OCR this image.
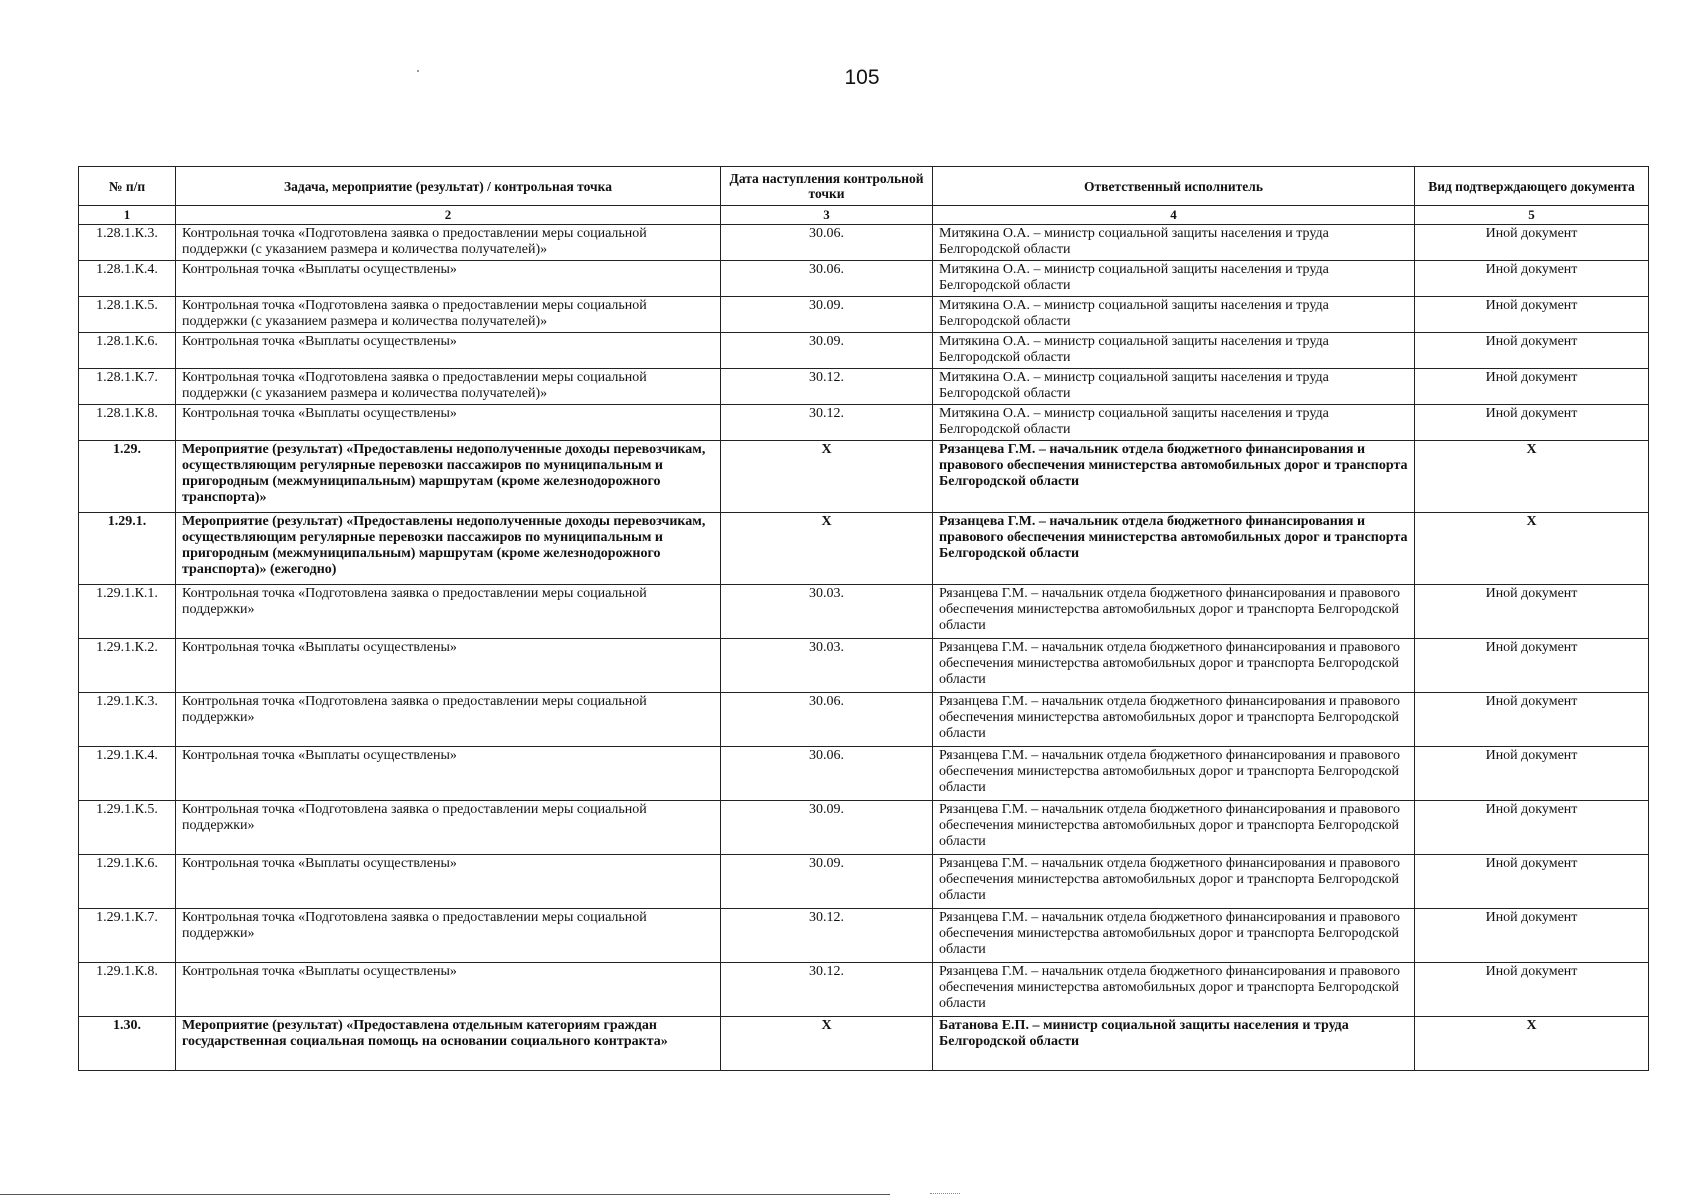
105
№ п/п	Задача, мероприятие (результат) / контрольная точка	Дата наступления контрольной точки	Ответственный исполнитель	Вид подтверждающего документа
1	2	3	4	5
1.28.1.К.3.	Контрольная точка «Подготовлена заявка о предоставлении меры социальной поддержки (с указанием размера и количества получателей)»	30.06.	Митякина О.А. – министр социальной защиты населения и труда Белгородской области	Иной документ
1.28.1.К.4.	Контрольная точка «Выплаты осуществлены»	30.06.	Митякина О.А. – министр социальной защиты населения и труда Белгородской области	Иной документ
1.28.1.К.5.	Контрольная точка «Подготовлена заявка о предоставлении меры социальной поддержки (с указанием размера и количества получателей)»	30.09.	Митякина О.А. – министр социальной защиты населения и труда Белгородской области	Иной документ
1.28.1.К.6.	Контрольная точка «Выплаты осуществлены»	30.09.	Митякина О.А. – министр социальной защиты населения и труда Белгородской области	Иной документ
1.28.1.К.7.	Контрольная точка «Подготовлена заявка о предоставлении меры социальной поддержки (с указанием размера и количества получателей)»	30.12.	Митякина О.А. – министр социальной защиты населения и труда Белгородской области	Иной документ
1.28.1.К.8.	Контрольная точка «Выплаты осуществлены»	30.12.	Митякина О.А. – министр социальной защиты населения и труда Белгородской области	Иной документ
1.29.	Мероприятие (результат) «Предоставлены недополученные доходы перевозчикам, осуществляющим регулярные перевозки пассажиров по муниципальным и пригородным (межмуниципальным) маршрутам (кроме железнодорожного транспорта)»	Х	Рязанцева Г.М. – начальник отдела бюджетного финансирования и правового обеспечения министерства автомобильных дорог и транспорта Белгородской области	Х
1.29.1.	Мероприятие (результат) «Предоставлены недополученные доходы перевозчикам, осуществляющим регулярные перевозки пассажиров по муниципальным и пригородным (межмуниципальным) маршрутам (кроме железнодорожного транспорта)» (ежегодно)	Х	Рязанцева Г.М. – начальник отдела бюджетного финансирования и правового обеспечения министерства автомобильных дорог и транспорта Белгородской области	Х
1.29.1.К.1.	Контрольная точка «Подготовлена заявка о предоставлении меры социальной поддержки»	30.03.	Рязанцева Г.М. – начальник отдела бюджетного финансирования и правового обеспечения министерства автомобильных дорог и транспорта Белгородской области	Иной документ
1.29.1.К.2.	Контрольная точка «Выплаты осуществлены»	30.03.	Рязанцева Г.М. – начальник отдела бюджетного финансирования и правового обеспечения министерства автомобильных дорог и транспорта Белгородской области	Иной документ
1.29.1.К.3.	Контрольная точка «Подготовлена заявка о предоставлении меры социальной поддержки»	30.06.	Рязанцева Г.М. – начальник отдела бюджетного финансирования и правового обеспечения министерства автомобильных дорог и транспорта Белгородской области	Иной документ
1.29.1.К.4.	Контрольная точка «Выплаты осуществлены»	30.06.	Рязанцева Г.М. – начальник отдела бюджетного финансирования и правового обеспечения министерства автомобильных дорог и транспорта Белгородской области	Иной документ
1.29.1.К.5.	Контрольная точка «Подготовлена заявка о предоставлении меры социальной поддержки»	30.09.	Рязанцева Г.М. – начальник отдела бюджетного финансирования и правового обеспечения министерства автомобильных дорог и транспорта Белгородской области	Иной документ
1.29.1.К.6.	Контрольная точка «Выплаты осуществлены»	30.09.	Рязанцева Г.М. – начальник отдела бюджетного финансирования и правового обеспечения министерства автомобильных дорог и транспорта Белгородской области	Иной документ
1.29.1.К.7.	Контрольная точка «Подготовлена заявка о предоставлении меры социальной поддержки»	30.12.	Рязанцева Г.М. – начальник отдела бюджетного финансирования и правового обеспечения министерства автомобильных дорог и транспорта Белгородской области	Иной документ
1.29.1.К.8.	Контрольная точка «Выплаты осуществлены»	30.12.	Рязанцева Г.М. – начальник отдела бюджетного финансирования и правового обеспечения министерства автомобильных дорог и транспорта Белгородской области	Иной документ
1.30.	Мероприятие (результат) «Предоставлена отдельным категориям граждан государственная социальная помощь на основании социального контракта»	Х	Батанова Е.П. – министр социальной защиты населения и труда Белгородской области	Х
